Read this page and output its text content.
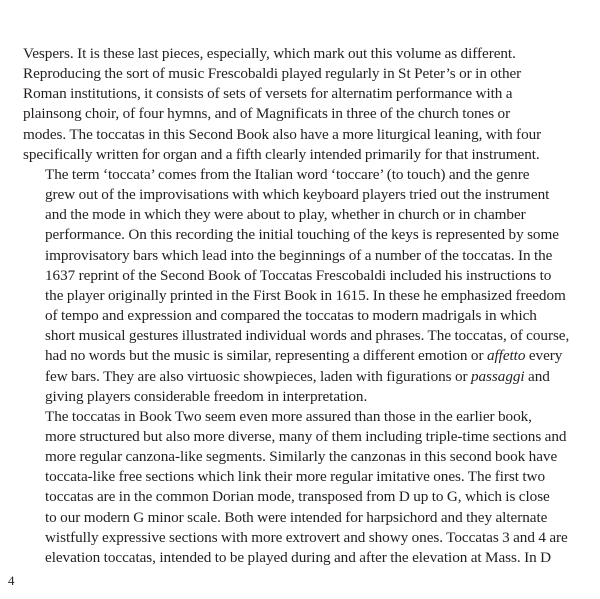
Vespers. It is these last pieces, especially, which mark out this volume as different.
Reproducing the sort of music Frescobaldi played regularly in St Peter’s or in other
Roman institutions, it consists of sets of versets for alternatim performance with a
plainsong choir, of four hymns, and of Magnificats in three of the church tones or
modes. The toccatas in this Second Book also have a more liturgical leaning, with four
specifically written for organ and a fifth clearly intended primarily for that instrument.

The term ‘toccata’ comes from the Italian word ‘toccare’ (to touch) and the genre
grew out of the improvisations with which keyboard players tried out the instrument
and the mode in which they were about to play, whether in church or in chamber
performance. On this recording the initial touching of the keys is represented by some
improvisatory bars which lead into the beginnings of a number of the toccatas. In the
1637 reprint of the Second Book of Toccatas Frescobaldi included his instructions to
the player originally printed in the First Book in 1615. In these he emphasized freedom
of tempo and expression and compared the toccatas to modern madrigals in which
short musical gestures illustrated individual words and phrases. The toccatas, of course,
had no words but the music is similar, representing a different emotion or affetto every
few bars. They are also virtuosic showpieces, laden with figurations or passaggi and
giving players considerable freedom in interpretation.

The toccatas in Book Two seem even more assured than those in the earlier book,
more structured but also more diverse, many of them including triple-time sections and
more regular canzona-like segments. Similarly the canzonas in this second book have
toccata-like free sections which link their more regular imitative ones. The first two
toccatas are in the common Dorian mode, transposed from D up to G, which is close
to our modern G minor scale. Both were intended for harpsichord and they alternate
wistfully expressive sections with more extrovert and showy ones. Toccatas 3 and 4 are
elevation toccatas, intended to be played during and after the elevation at Mass. In D

4
